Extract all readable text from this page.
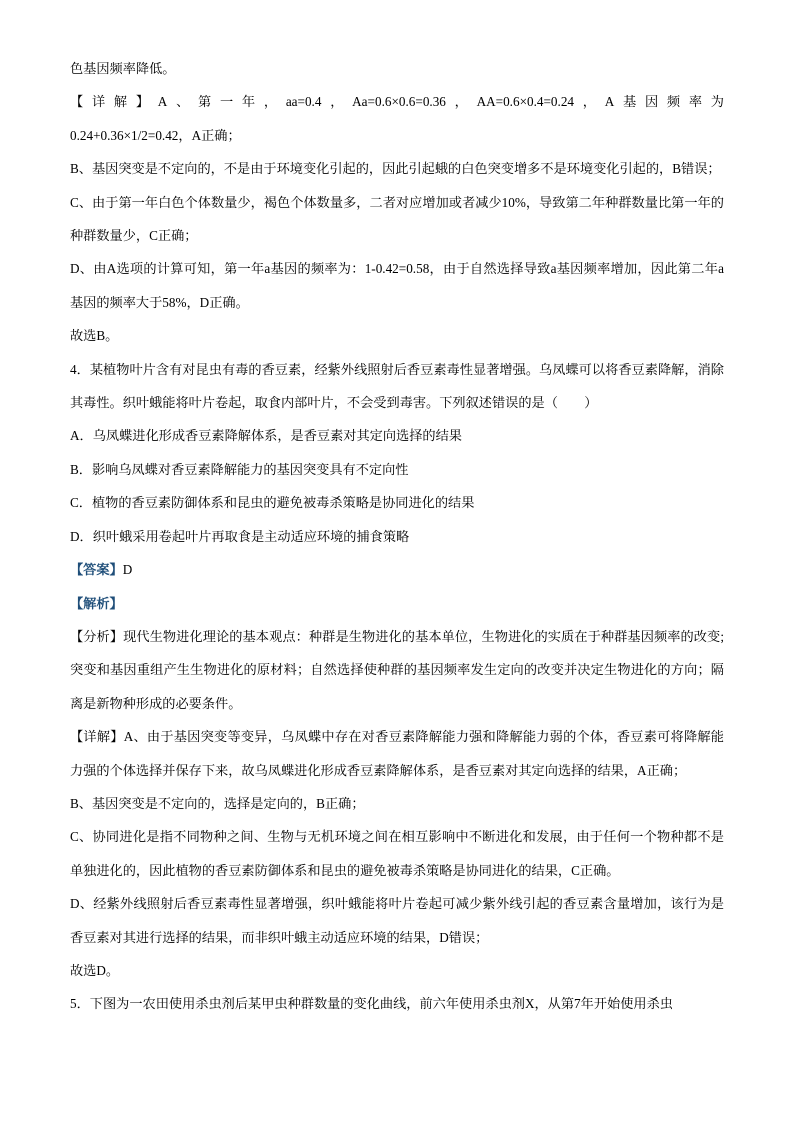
色基因频率降低。

【详解】A、第一年，aa=0.4，Aa=0.6×0.6=0.36，AA=0.6×0.4=0.24，A基因频率为

0.24+0.36×1/2=0.42，A正确；

B、基因突变是不定向的，不是由于环境变化引起的，因此引起蛾的白色突变增多不是环境变化引起的，B错误；

C、由于第一年白色个体数量少，褐色个体数量多，二者对应增加或者减少10%，导致第二年种群数量比第一年的种群数量少，C正确；

D、由A选项的计算可知，第一年a基因的频率为：1-0.42=0.58，由于自然选择导致a基因频率增加，因此第二年a基因的频率大于58%，D正确。

故选B。

4．某植物叶片含有对昆虫有毒的香豆素，经紫外线照射后香豆素毒性显著增强。乌凤蝶可以将香豆素降解，消除其毒性。织叶蛾能将叶片卷起，取食内部叶片，不会受到毒害。下列叙述错误的是（　　）

A．乌凤蝶进化形成香豆素降解体系，是香豆素对其定向选择的结果

B．影响乌凤蝶对香豆素降解能力的基因突变具有不定向性

C．植物的香豆素防御体系和昆虫的避免被毒杀策略是协同进化的结果

D．织叶蛾采用卷起叶片再取食是主动适应环境的捕食策略

【答案】D

【解析】

【分析】现代生物进化理论的基本观点：种群是生物进化的基本单位，生物进化的实质在于种群基因频率的改变;突变和基因重组产生生物进化的原材料；自然选择使种群的基因频率发生定向的改变并决定生物进化的方向；隔离是新物种形成的必要条件。

【详解】A、由于基因突变等变异，乌凤蝶中存在对香豆素降解能力强和降解能力弱的个体，香豆素可将降解能力强的个体选择并保存下来，故乌凤蝶进化形成香豆素降解体系，是香豆素对其定向选择的结果，A正确；

B、基因突变是不定向的，选择是定向的，B正确；

C、协同进化是指不同物种之间、生物与无机环境之间在相互影响中不断进化和发展，由于任何一个物种都不是单独进化的，因此植物的香豆素防御体系和昆虫的避免被毒杀策略是协同进化的结果，C正确。

D、经紫外线照射后香豆素毒性显著增强，织叶蛾能将叶片卷起可减少紫外线引起的香豆素含量增加，该行为是香豆素对其进行选择的结果，而非织叶蛾主动适应环境的结果，D错误；

故选D。

5．下图为一农田使用杀虫剂后某甲虫种群数量的变化曲线，前六年使用杀虫剂X，从第7年开始使用杀虫
